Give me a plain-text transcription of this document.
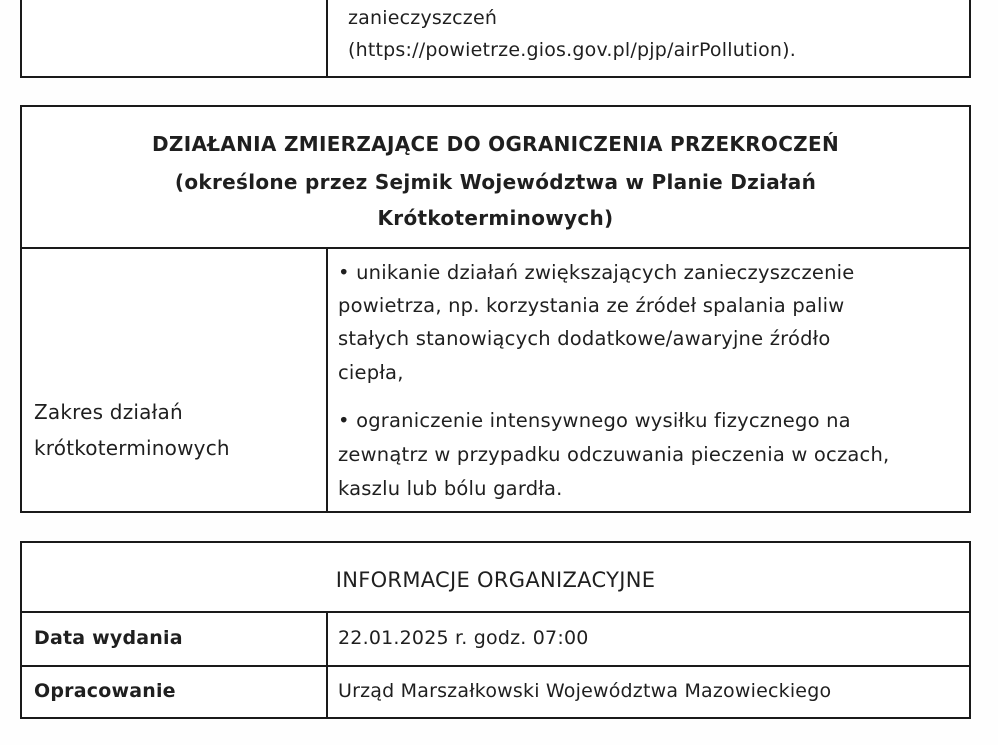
zanieczyszczeń
(https://powietrze.gios.gov.pl/pjp/airPollution).
DZIAŁANIA ZMIERZAJĄCE DO OGRANICZENIA PRZEKROCZEŃ
(określone przez Sejmik Województwa w Planie Działań
Krótkoterminowych)
Zakres działań
krótkoterminowych
• unikanie działań zwiększających zanieczyszczenie
powietrza, np. korzystania ze źródeł spalania paliw
stałych stanowiących dodatkowe/awaryjne źródło
ciepła,
• ograniczenie intensywnego wysiłku fizycznego na
zewnątrz w przypadku odczuwania pieczenia w oczach,
kaszlu lub bólu gardła.
INFORMACJE ORGANIZACYJNE
Data wydania	22.01.2025 r. godz. 07:00
Opracowanie	Urząd Marszałkowski Województwa Mazowieckiego
